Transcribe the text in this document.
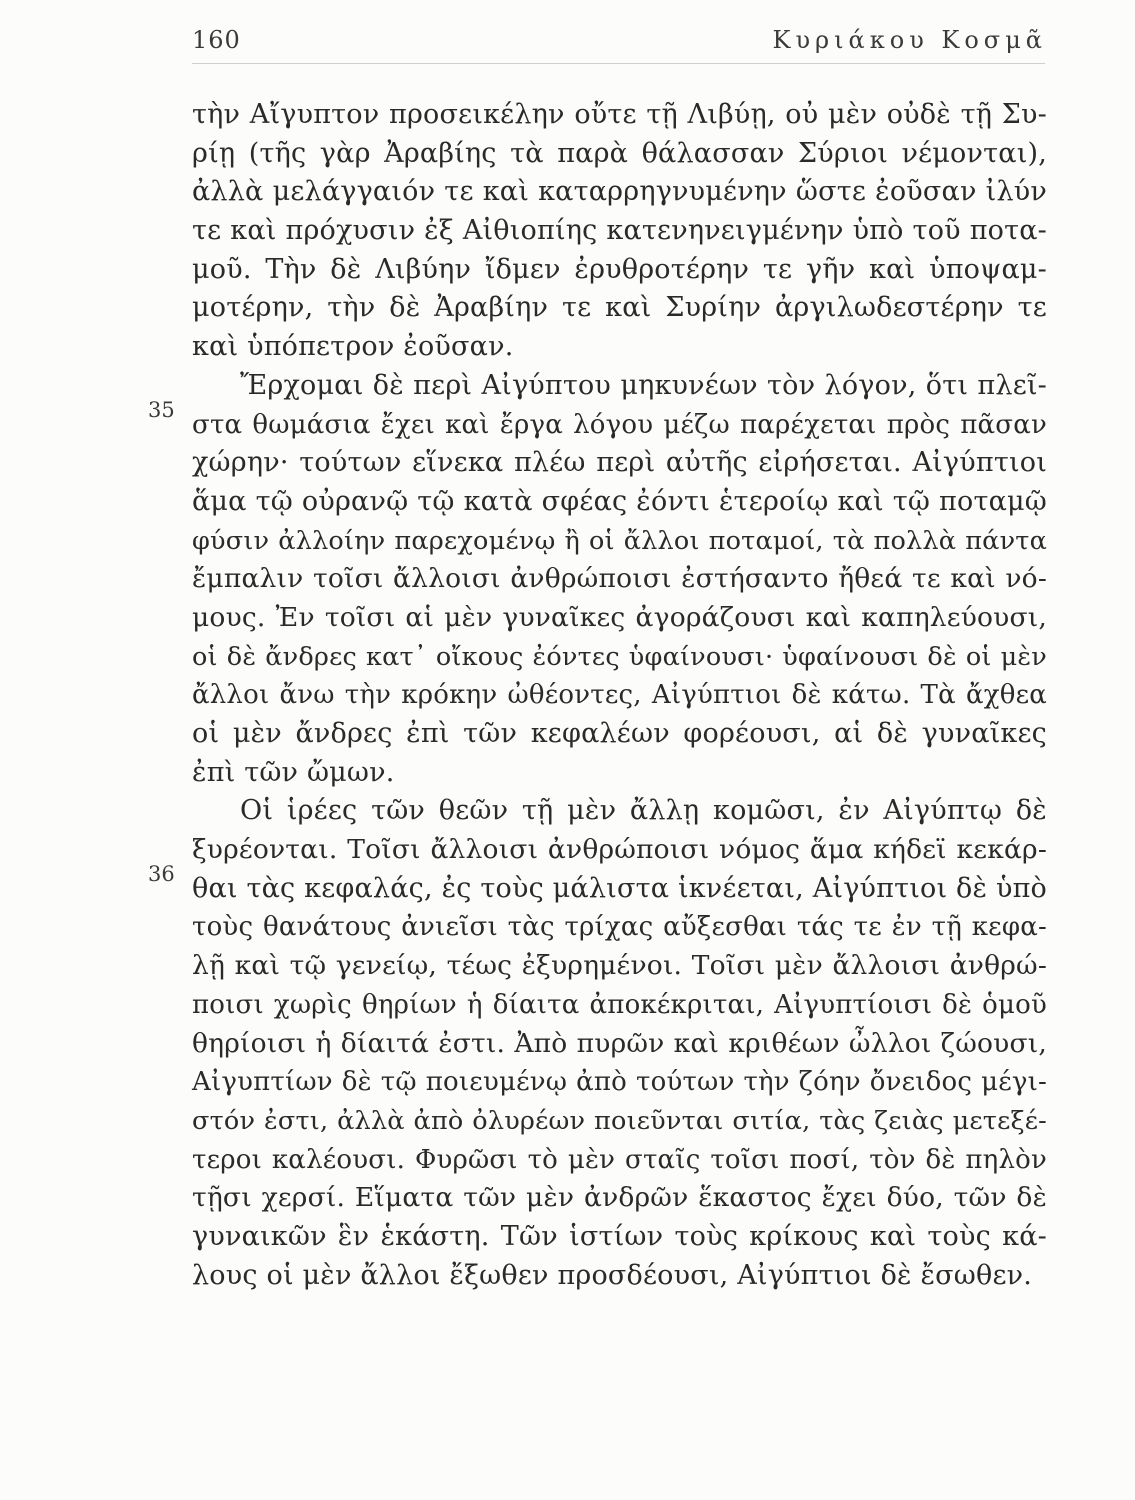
160	Κυριάκου Κοσμᾶ
35
36
τὴν Αἴγυπτον προσεικέλην οὔτε τῇ Λιβύῃ, οὐ μὲν οὐδὲ τῇ Συ-
ρίῃ (τῆς γὰρ Ἀραβίης τὰ παρὰ θάλασσαν Σύριοι νέμονται),
ἀλλὰ μελάγγαιόν τε καὶ καταρρηγνυμένην ὥστε ἐοῦσαν ἰλύν
τε καὶ πρόχυσιν ἐξ Αἰθιοπίης κατενηνειγμένην ὑπὸ τοῦ ποτα-
μοῦ. Τὴν δὲ Λιβύην ἴδμεν ἐρυθροτέρην τε γῆν καὶ ὑποψαμ-
μοτέρην, τὴν δὲ Ἀραβίην τε καὶ Συρίην ἀργιλωδεστέρην τε
καὶ ὑπόπετρον ἐοῦσαν.
Ἔρχομαι δὲ περὶ Αἰγύπτου μηκυνέων τὸν λόγον, ὅτι πλεῖ-
στα θωμάσια ἔχει καὶ ἔργα λόγου μέζω παρέχεται πρὸς πᾶσαν
χώρην· τούτων εἵνεκα πλέω περὶ αὐτῆς εἰρήσεται. Αἰγύπτιοι
ἅμα τῷ οὐρανῷ τῷ κατὰ σφέας ἐόντι ἑτεροίῳ καὶ τῷ ποταμῷ
φύσιν ἀλλοίην παρεχομένῳ ἢ οἱ ἄλλοι ποταμοί, τὰ πολλὰ πάντα
ἔμπαλιν τοῖσι ἄλλοισι ἀνθρώποισι ἐστήσαντο ἤθεά τε καὶ νό-
μους. Ἐν τοῖσι αἱ μὲν γυναῖκες ἀγοράζουσι καὶ καπηλεύουσι,
οἱ δὲ ἄνδρες κατ᾽ οἴκους ἐόντες ὑφαίνουσι· ὑφαίνουσι δὲ οἱ μὲν
ἄλλοι ἄνω τὴν κρόκην ὠθέοντες, Αἰγύπτιοι δὲ κάτω. Τὰ ἄχθεα
οἱ μὲν ἄνδρες ἐπὶ τῶν κεφαλέων φορέουσι, αἱ δὲ γυναῖκες
ἐπὶ τῶν ὤμων.
Οἱ ἱρέες τῶν θεῶν τῇ μὲν ἄλλῃ κομῶσι, ἐν Αἰγύπτῳ δὲ
ξυρέονται. Τοῖσι ἄλλοισι ἀνθρώποισι νόμος ἅμα κήδεϊ κεκάρ-
θαι τὰς κεφαλάς, ἐς τοὺς μάλιστα ἱκνέεται, Αἰγύπτιοι δὲ ὑπὸ
τοὺς θανάτους ἀνιεῖσι τὰς τρίχας αὔξεσθαι τάς τε ἐν τῇ κεφα-
λῇ καὶ τῷ γενείῳ, τέως ἐξυρημένοι. Τοῖσι μὲν ἄλλοισι ἀνθρώ-
ποισι χωρὶς θηρίων ἡ δίαιτα ἀποκέκριται, Αἰγυπτίοισι δὲ ὁμοῦ
θηρίοισι ἡ δίαιτά ἐστι. Ἀπὸ πυρῶν καὶ κριθέων ὦλλοι ζώουσι,
Αἰγυπτίων δὲ τῷ ποιευμένῳ ἀπὸ τούτων τὴν ζόην ὄνειδος μέγι-
στόν ἐστι, ἀλλὰ ἀπὸ ὀλυρέων ποιεῦνται σιτία, τὰς ζειὰς μετεξέ-
τεροι καλέουσι. Φυρῶσι τὸ μὲν σταῖς τοῖσι ποσί, τὸν δὲ πηλὸν
τῇσι χερσί. Εἵματα τῶν μὲν ἀνδρῶν ἕκαστος ἔχει δύο, τῶν δὲ
γυναικῶν ἓν ἑκάστη. Τῶν ἱστίων τοὺς κρίκους καὶ τοὺς κά-
λους οἱ μὲν ἄλλοι ἔξωθεν προσδέουσι, Αἰγύπτιοι δὲ ἔσωθεν.
